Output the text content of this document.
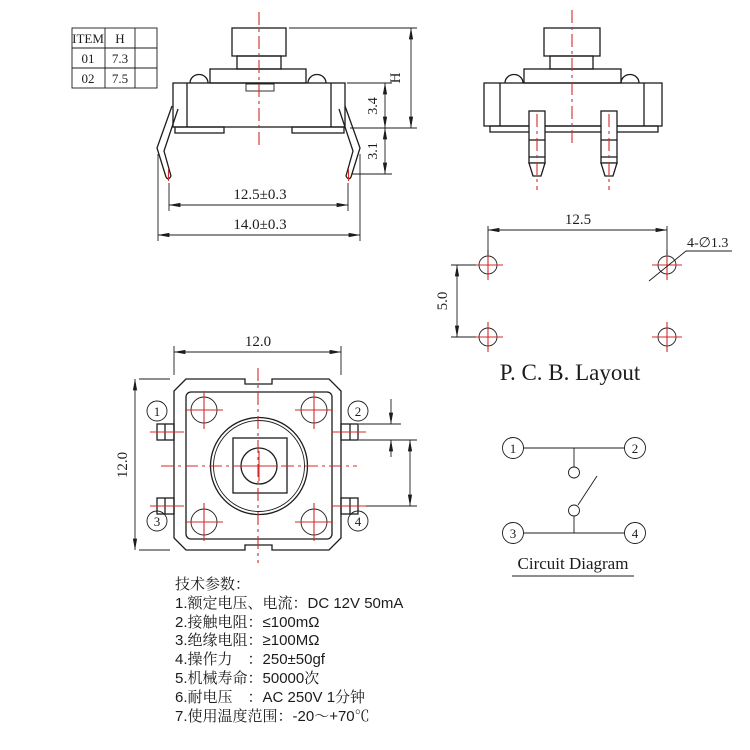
ITEM H
01 7.3
02 7.5
12.5±0.3
14.0±0.3
3.4
3.1
H
12.5
5.0
4-∅1.3
P. C. B. Layout
1	2
3	4
12.0
12.0
1	2
3	4
Circuit Diagram
技术参数：
1.额定电压、电流：DC 12V 50mA
2.接触电阻：≤100mΩ
3.绝缘电阻：≥100MΩ
4.操作力　：250±50gf
5.机械寿命：50000次
6.耐电压　：AC 250V 1分钟
7.使用温度范围：-20～+70℃
